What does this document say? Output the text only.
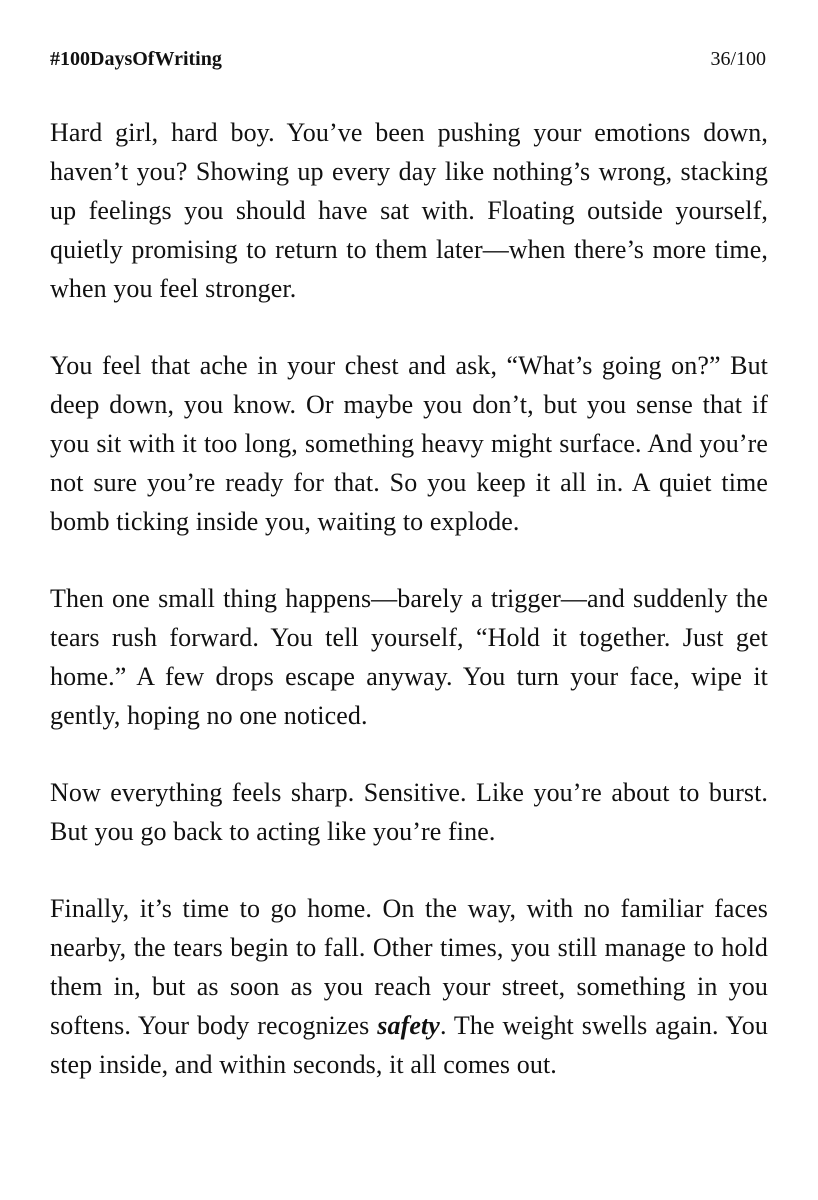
#100DaysOfWriting	36/100

Hard girl, hard boy. You’ve been pushing your emotions down, haven’t you? Showing up every day like nothing’s wrong, stacking up feelings you should have sat with. Floating outside yourself, quietly promising to return to them later—when there’s more time, when you feel stronger.

You feel that ache in your chest and ask, “What’s going on?” But deep down, you know. Or maybe you don’t, but you sense that if you sit with it too long, something heavy might surface. And you’re not sure you’re ready for that. So you keep it all in. A quiet time bomb ticking inside you, waiting to explode.

Then one small thing happens—barely a trigger—and suddenly the tears rush forward. You tell yourself, “Hold it together. Just get home.” A few drops escape anyway. You turn your face, wipe it gently, hoping no one noticed.

Now everything feels sharp. Sensitive. Like you’re about to burst. But you go back to acting like you’re fine.

Finally, it’s time to go home. On the way, with no familiar faces nearby, the tears begin to fall. Other times, you still manage to hold them in, but as soon as you reach your street, something in you softens. Your body recognizes safety. The weight swells again. You step inside, and within seconds, it all comes out.
